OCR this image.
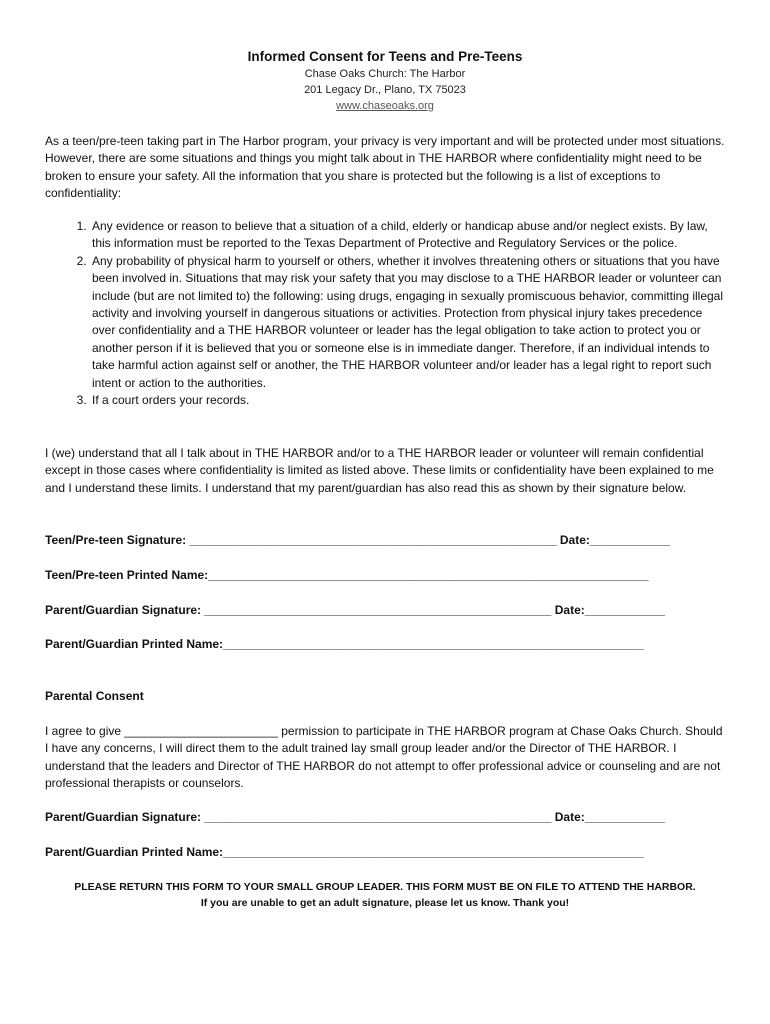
Informed Consent for Teens and Pre-Teens
Chase Oaks Church: The Harbor
201 Legacy Dr., Plano, TX 75023
www.chaseoaks.org
As a teen/pre-teen taking part in The Harbor program, your privacy is very important and will be protected under most situations. However, there are some situations and things you might talk about in THE HARBOR where confidentiality might need to be broken to ensure your safety. All the information that you share is protected but the following is a list of exceptions to confidentiality:
1. Any evidence or reason to believe that a situation of a child, elderly or handicap abuse and/or neglect exists. By law, this information must be reported to the Texas Department of Protective and Regulatory Services or the police.
2. Any probability of physical harm to yourself or others, whether it involves threatening others or situations that you have been involved in. Situations that may risk your safety that you may disclose to a THE HARBOR leader or volunteer can include (but are not limited to) the following: using drugs, engaging in sexually promiscuous behavior, committing illegal activity and involving yourself in dangerous situations or activities. Protection from physical injury takes precedence over confidentiality and a THE HARBOR volunteer or leader has the legal obligation to take action to protect you or another person if it is believed that you or someone else is in immediate danger. Therefore, if an individual intends to take harmful action against self or another, the THE HARBOR volunteer and/or leader has a legal right to report such intent or action to the authorities.
3. If a court orders your records.
I (we) understand that all I talk about in THE HARBOR and/or to a THE HARBOR leader or volunteer will remain confidential except in those cases where confidentiality is limited as listed above. These limits or confidentiality have been explained to me and I understand these limits. I understand that my parent/guardian has also read this as shown by their signature below.
Teen/Pre-teen Signature: _______________________________________________________ Date:____________
Teen/Pre-teen Printed Name:__________________________________________________________________
Parent/Guardian Signature: ____________________________________________________ Date:____________
Parent/Guardian Printed Name:_______________________________________________________________
Parental Consent
I agree to give _______________________ permission to participate in THE HARBOR program at Chase Oaks Church. Should I have any concerns, I will direct them to the adult trained lay small group leader and/or the Director of THE HARBOR. I understand that the leaders and Director of THE HARBOR do not attempt to offer professional advice or counseling and are not professional therapists or counselors.
Parent/Guardian Signature: ____________________________________________________ Date:____________
Parent/Guardian Printed Name:_______________________________________________________________
PLEASE RETURN THIS FORM TO YOUR SMALL GROUP LEADER. THIS FORM MUST BE ON FILE TO ATTEND THE HARBOR.
If you are unable to get an adult signature, please let us know. Thank you!
